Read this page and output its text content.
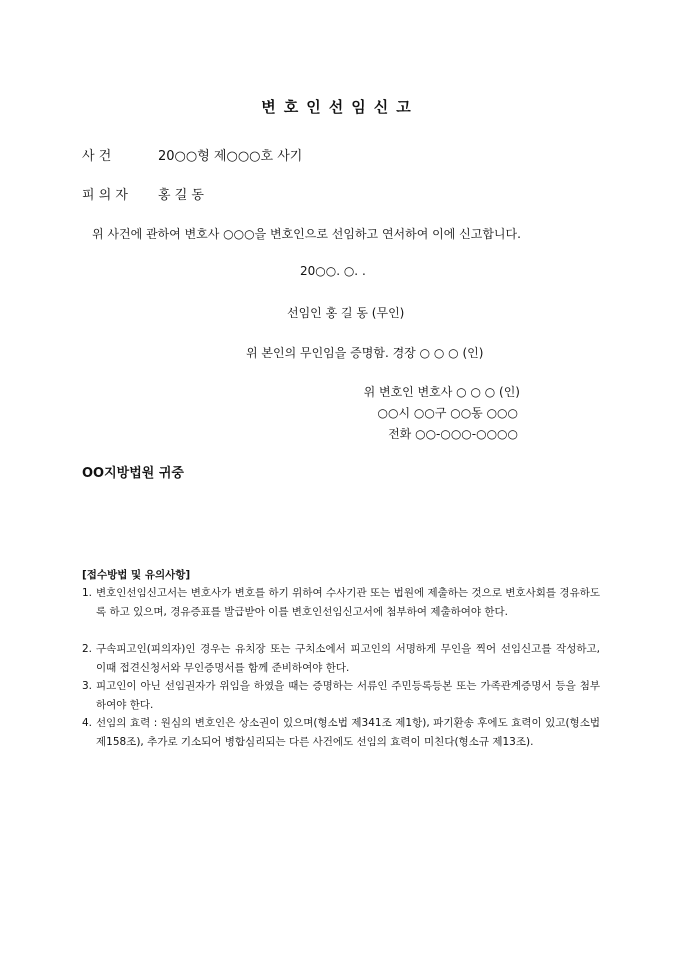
변호인선임신고
사 건	20○○형 제○○○호 사기
피 의 자 홍 길 동
위 사건에 관하여 변호사 ○○○을 변호인으로 선임하고 연서하여 이에 신고합니다.
20○○. ○. .
선임인 홍 길 동 (무인)
위 본인의 무인임을 증명함. 경장 ○ ○ ○ (인)
위 변호인 변호사 ○ ○ ○ (인)
○○시 ○○구 ○○동 ○○○
전화 ○○-○○○-○○○○
OO지방법원 귀중
[접수방법 및 유의사항]
1. 변호인선임신고서는 변호사가 변호를 하기 위하여 수사기관 또는 법원에 제출하는 것으로 변호사회를 경유하도록 하고 있으며, 경유증표를 발급받아 이를 변호인선임신고서에 첨부하여 제출하여야 한다.
2. 구속피고인(피의자)인 경우는 유치장 또는 구치소에서 피고인의 서명하게 무인을 찍어 선임신고를 작성하고, 이때 접견신청서와 무인증명서를 함께 준비하여야 한다.
3. 피고인이 아닌 선임권자가 위임을 하였을 때는 증명하는 서류인 주민등록등본 또는 가족관계증명서 등을 첨부하여야 한다.
4. 선임의 효력 : 원심의 변호인은 상소권이 있으며(형소법 제341조 제1항), 파기환송 후에도 효력이 있고(형소법 제158조), 추가로 기소되어 병합심리되는 다른 사건에도 선임의 효력이 미친다(형소규 제13조).
